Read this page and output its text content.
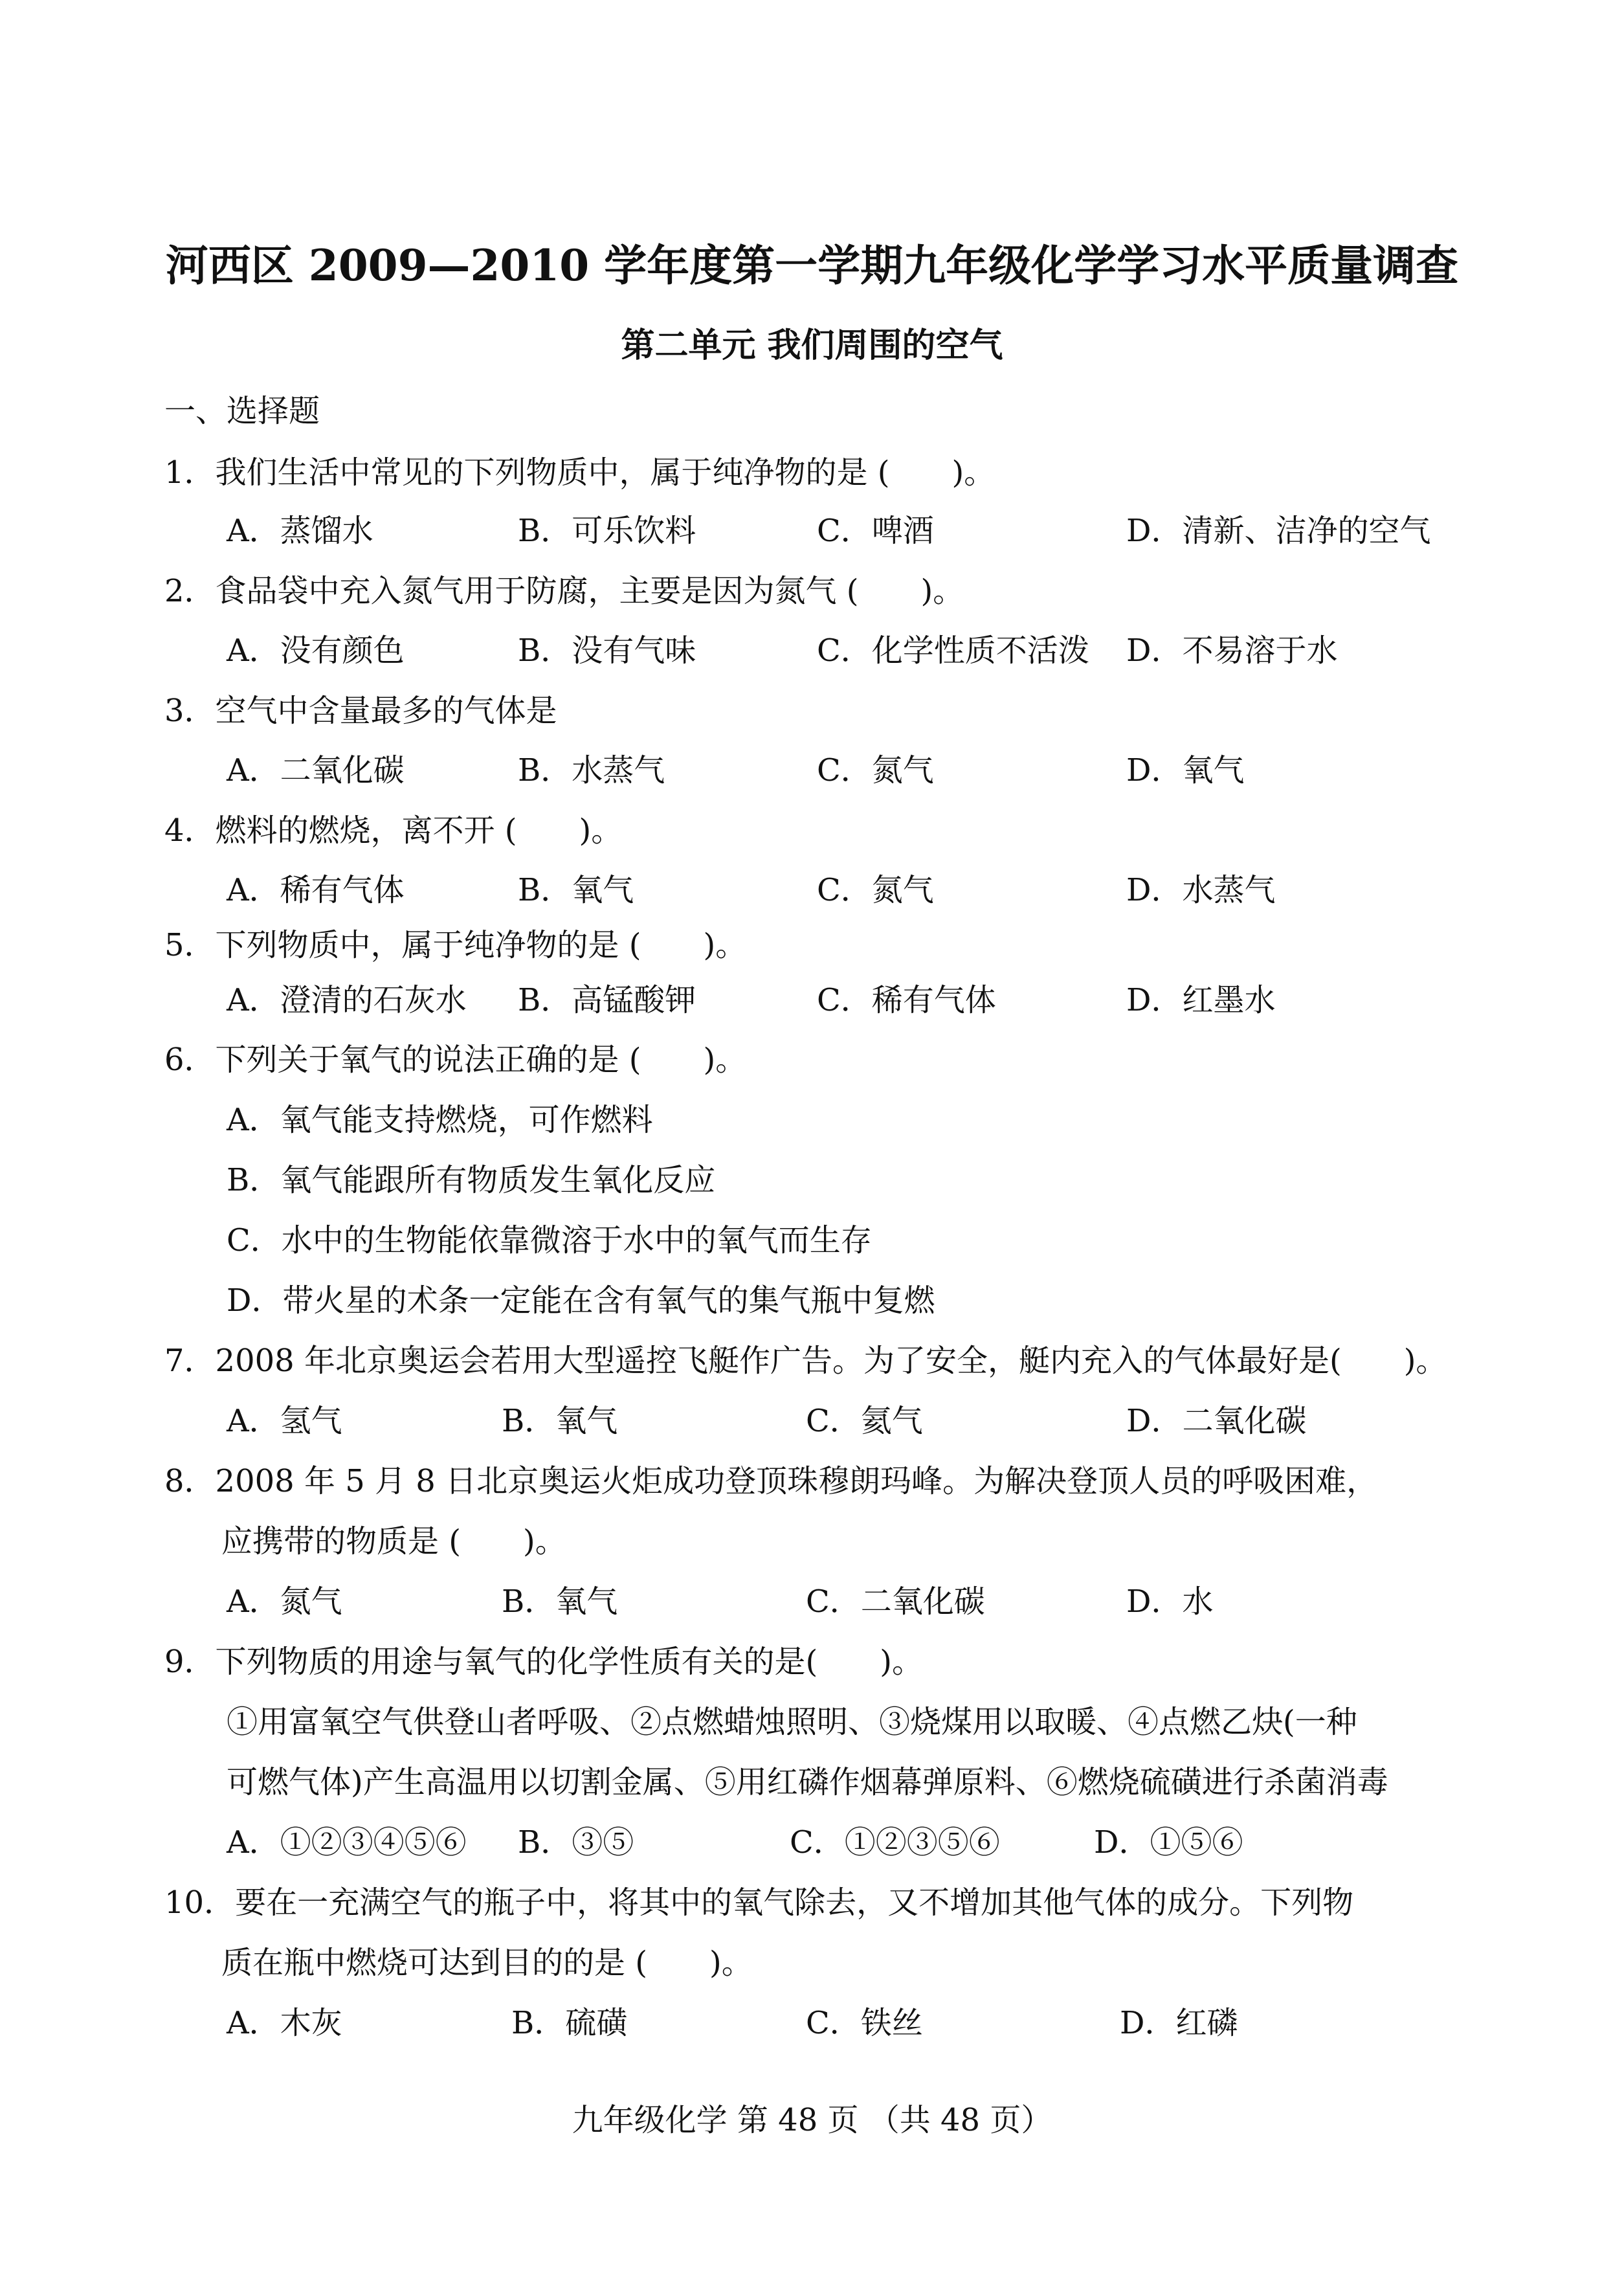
河西区 2009—2010 学年度第一学期九年级化学学习水平质量调查
第二单元 我们周围的空气
一、选择题
1．我们生活中常见的下列物质中，属于纯净物的是 (　　)。
A．蒸馏水	B．可乐饮料	C．啤酒	D．清新、洁净的空气
2．食品袋中充入氮气用于防腐，主要是因为氮气 (　　)。
A．没有颜色	B．没有气味	C．化学性质不活泼 D．不易溶于水
3．空气中含量最多的气体是
A．二氧化碳	B．水蒸气	C．氮气	D．氧气
4．燃料的燃烧，离不开 (　　)。
A．稀有气体	B．氧气	C．氮气	D．水蒸气
5．下列物质中，属于纯净物的是 (　　)。
A．澄清的石灰水 B．高锰酸钾	C．稀有气体	D．红墨水
6．下列关于氧气的说法正确的是 (　　)。
A．氧气能支持燃烧，可作燃料
B．氧气能跟所有物质发生氧化反应
C．水中的生物能依靠微溶于水中的氧气而生存
D．带火星的术条一定能在含有氧气的集气瓶中复燃
7．2008 年北京奥运会若用大型遥控飞艇作广告。为了安全，艇内充入的气体最好是(　　)。
A．氢气	B．氧气	C．氦气	D．二氧化碳
8．2008 年 5 月 8 日北京奥运火炬成功登顶珠穆朗玛峰。为解决登顶人员的呼吸困难，
应携带的物质是 (　　)。
A．氮气	B．氧气	C．二氧化碳	D．水
9．下列物质的用途与氧气的化学性质有关的是(　　)。
①用富氧空气供登山者呼吸、②点燃蜡烛照明、③烧煤用以取暖、④点燃乙炔(一种
可燃气体)产生高温用以切割金属、⑤用红磷作烟幕弹原料、⑥燃烧硫磺进行杀菌消毒
A．①②③④⑤⑥ B．③⑤	C．①②③⑤⑥	D．①⑤⑥
10．要在一充满空气的瓶子中，将其中的氧气除去，又不增加其他气体的成分。下列物
质在瓶中燃烧可达到目的的是 (　　)。
A．木灰	B．硫磺	C．铁丝	D．红磷
九年级化学 第 48 页 （共 48 页）
